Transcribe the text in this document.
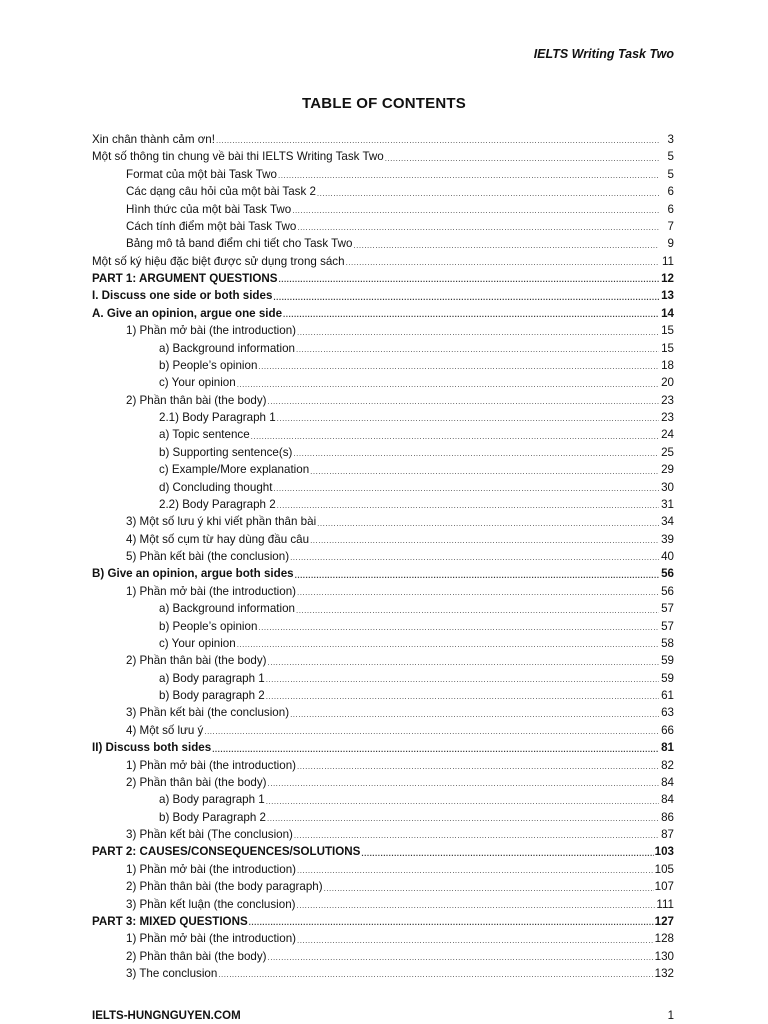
IELTS Writing Task Two
TABLE OF CONTENTS
Xin chân thành cảm ơn! .....	3
Một số thông tin chung về bài thi IELTS Writing Task Two .....	5
Format của một bài Task Two .....	5
Các dạng câu hỏi của một bài Task 2 .....	6
Hình thức của một bài Task Two .....	6
Cách tính điểm một bài Task Two .....	7
Bảng mô tả band điểm chi tiết cho Task Two .....	9
Một số ký hiệu đặc biệt được sử dụng trong sách .....	11
PART 1: ARGUMENT QUESTIONS .....	12
I. Discuss one side or both sides .....	13
A. Give an opinion, argue one side .....	14
1) Phần mở bài (the introduction) .....	15
a) Background information .....	15
b) People’s opinion .....	18
c) Your opinion .....	20
2) Phần thân bài (the body) .....	23
2.1) Body Paragraph 1 .....	23
a) Topic sentence .....	24
b) Supporting sentence(s) .....	25
c) Example/More explanation .....	29
d) Concluding thought .....	30
2.2) Body Paragraph 2 .....	31
3) Một số lưu ý khi viết phần thân bài .....	34
4) Một số cụm từ hay dùng đầu câu .....	39
5) Phần kết bài (the conclusion) .....	40
B) Give an opinion, argue both sides .....	56
1) Phần mở bài (the introduction) .....	56
a) Background information .....	57
b) People’s opinion .....	57
c) Your opinion .....	58
2) Phần thân bài (the body) .....	59
a) Body paragraph 1 .....	59
b) Body paragraph 2 .....	61
3) Phần kết bài (the conclusion) .....	63
4) Một số lưu ý .....	66
II) Discuss both sides .....	81
1) Phần mở bài (the introduction) .....	82
2) Phần thân bài (the body) .....	84
a) Body paragraph 1 .....	84
b) Body Paragraph 2 .....	86
3) Phần kết bài (The conclusion) .....	87
PART 2: CAUSES/CONSEQUENCES/SOLUTIONS .....	103
1) Phần mở bài (the introduction) .....	105
2) Phần thân bài (the body paragraph) .....	107
3) Phần kết luận (the conclusion) .....	111
PART 3: MIXED QUESTIONS .....	127
1) Phần mở bài (the introduction) .....	128
2) Phần thân bài (the body) .....	130
3) The conclusion .....	132
IELTS-HUNGNGUYEN.COM	1
